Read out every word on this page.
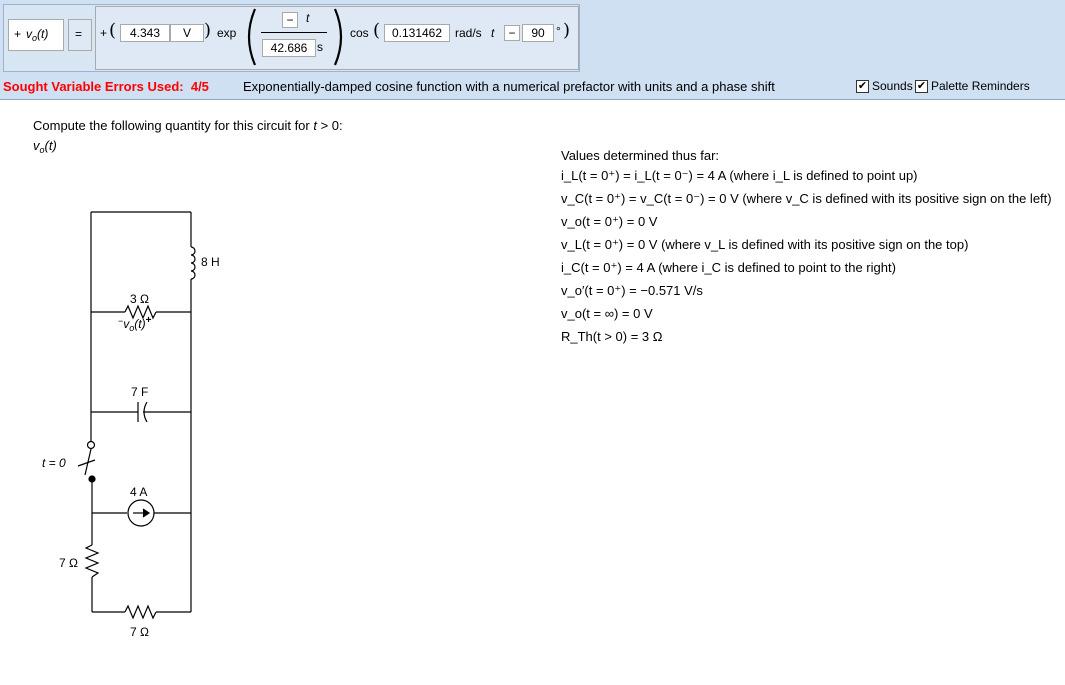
+ $v_o(t)$ = + (	4.343	V ) exp
−	t
42.686 s
cos ( 0.131462	rad/s t	−	90 ° )
Sought Variable Errors Used: 4/5	Exponentially-damped cosine function with a numerical prefactor with units and a phase shift	✔ Sounds ✔ Palette Reminders
Compute the following quantity for this circuit for t > 0:
$v_o(t)$
Values determined thus far:
i_L(t = 0⁺) = i_L(t = 0⁻) = 4 A (where i_L is defined to point up)
v_C(t = 0⁺) = v_C(t = 0⁻) = 0 V (where v_C is defined with its positive sign on the left)
v_o(t = 0⁺) = 0 V
v_L(t = 0⁺) = 0 V (where v_L is defined with its positive sign on the top)
i_C(t = 0⁺) = 4 A (where i_C is defined to point to the right)
v_o′(t = 0⁺) = −0.571 V/s
v_o(t = ∞) = 0 V
R_Th(t > 0) = 3 Ω
8 H
3 Ω
$^-v_o(t)^+$
7 F
t = 0
4 A
7 Ω
7 Ω
